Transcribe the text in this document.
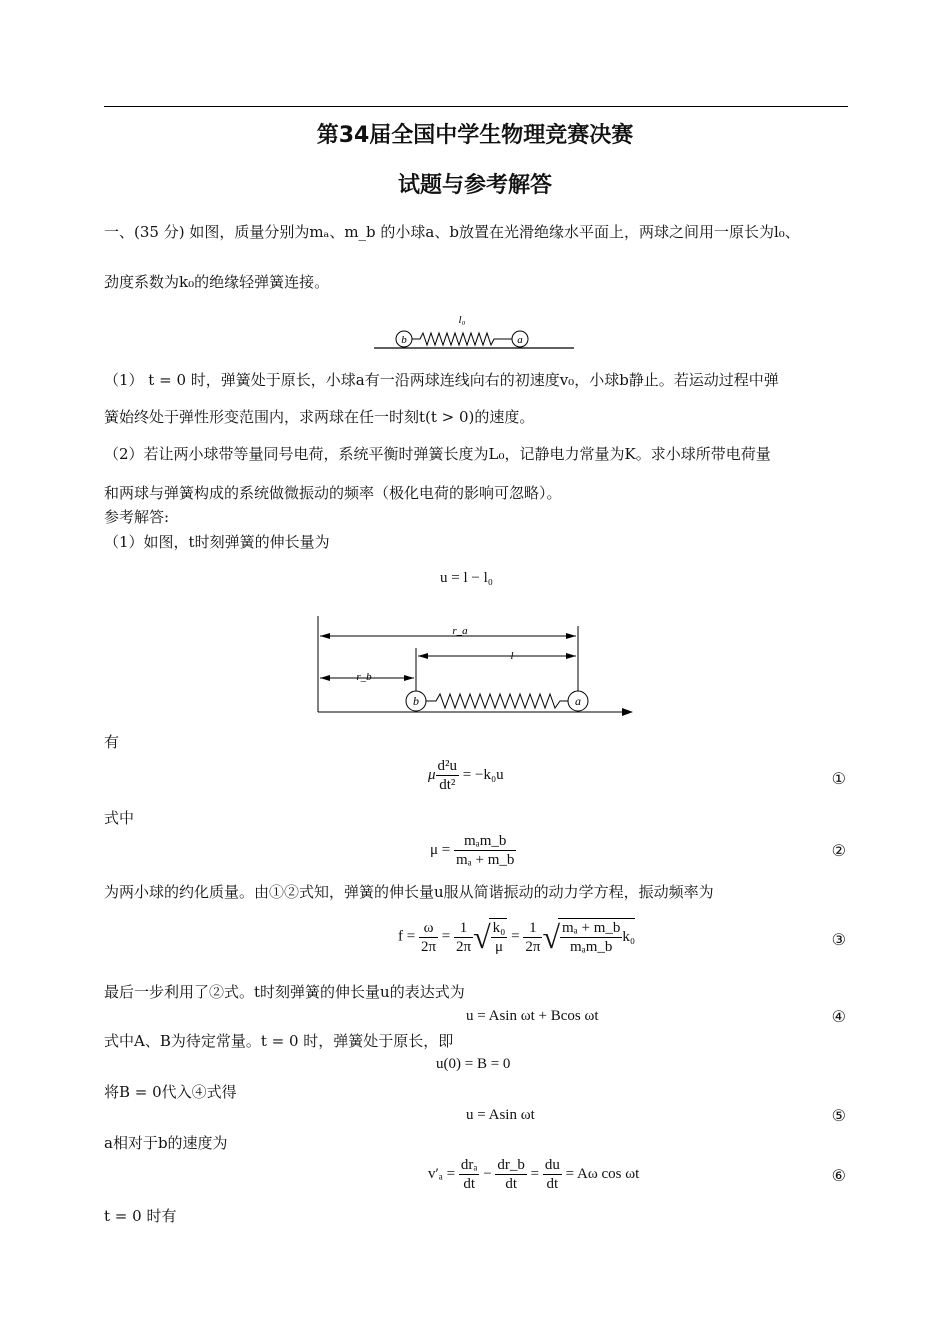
第34届全国中学生物理竞赛决赛
试题与参考解答
一、(35 分) 如图，质量分别为mₐ、m_b 的小球a、b放置在光滑绝缘水平面上，两球之间用一原长为l₀、
劲度系数为k₀的绝缘轻弹簧连接。
b	a
l₀
（1） t = 0 时，弹簧处于原长，小球a有一沿两球连线向右的初速度v₀，小球b静止。若运动过程中弹
簧始终处于弹性形变范围内，求两球在任一时刻t(t > 0)的速度。
（2）若让两小球带等量同号电荷，系统平衡时弹簧长度为L₀，记静电力常量为K。求小球所带电荷量
和两球与弹簧构成的系统做微振动的频率（极化电荷的影响可忽略）。
参考解答:
（1）如图，t时刻弹簧的伸长量为
u = l − l₀
r_a
l
r_b
b	a
有
μ $\frac{\text{d²u}}{\text{dt²}} = -k_0u$	①
式中
$\mu = \frac{\text{mₐm\_b}}{\text{mₐ + m\_b}}$	②
为两小球的约化质量。由①②式知，弹簧的伸长量u服从简谐振动的动力学方程，振动频率为
$f = \frac{\omega}{2\pi} = \frac{1}{2\pi}$ √ $\frac{\text{k₀}}{\mu} = \frac{1}{2\pi}$ √ $\frac{\text{mₐ + m\_b}}{\text{mₐm\_b}} k_0$	③
最后一步利用了②式。t时刻弹簧的伸长量u的表达式为
u = Asin ωt + Bcos ωt	④
式中A、B为待定常量。t = 0 时，弹簧处于原长，即
u(0) = B = 0
将B = 0代入④式得
u = Asin ωt	⑤
a相对于b的速度为
$v'_a = \frac{\text{drₐ}}{dt} - \frac{dr\_b}{dt} = \frac{du}{dt} = A\omega$ cos ωt	⑥
t = 0 时有
